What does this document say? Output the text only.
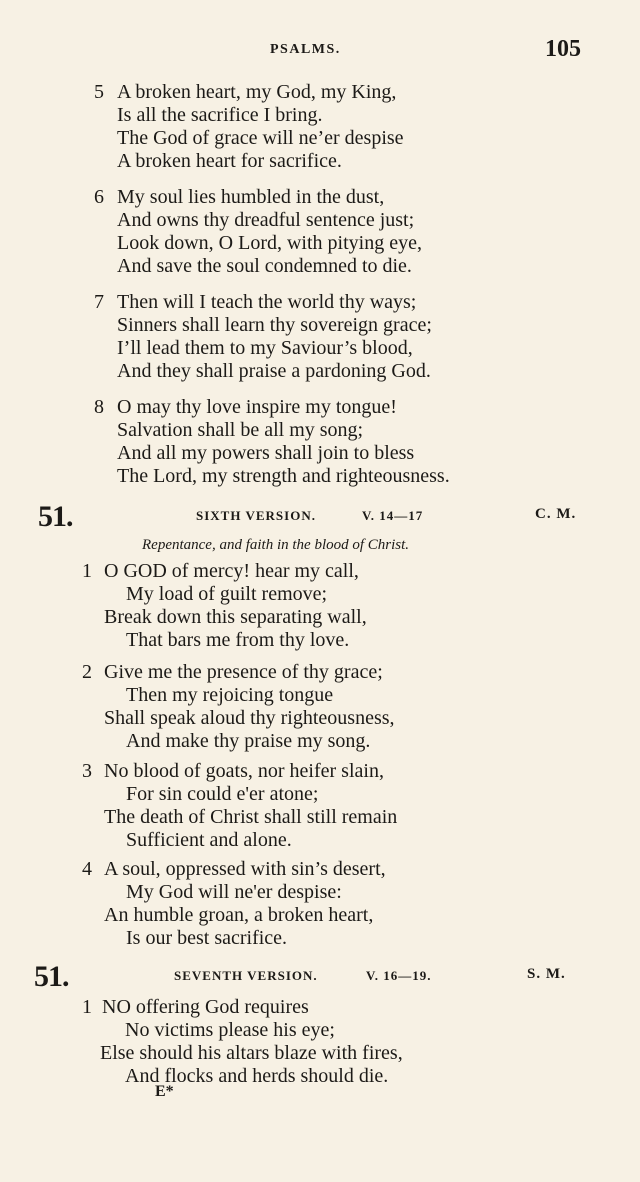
PSALMS.	105
5 A broken heart, my God, my King,
Is all the sacrifice I bring.
The God of grace will ne’er despise
A broken heart for sacrifice.
6 My soul lies humbled in the dust,
And owns thy dreadful sentence just;
Look down, O Lord, with pitying eye,
And save the soul condemned to die.
7 Then will I teach the world thy ways;
Sinners shall learn thy sovereign grace;
I’ll lead them to my Saviour’s blood,
And they shall praise a pardoning God.
8 O may thy love inspire my tongue!
Salvation shall be all my song;
And all my powers shall join to bless
The Lord, my strength and righteousness.
51.	SIXTH VERSION.	V. 14—17	C. M.
Repentance, and faith in the blood of Christ.
1 O GOD of mercy! hear my call,
My load of guilt remove;
Break down this separating wall,
That bars me from thy love.
2 Give me the presence of thy grace;
Then my rejoicing tongue
Shall speak aloud thy righteousness,
And make thy praise my song.
3 No blood of goats, nor heifer slain,
For sin could e'er atone;
The death of Christ shall still remain
Sufficient and alone.
4 A soul, oppressed with sin’s desert,
My God will ne'er despise:
An humble groan, a broken heart,
Is our best sacrifice.
51.	SEVENTH VERSION.	V. 16—19.	S. M.
1 NO offering God requires
No victims please his eye;
Else should his altars blaze with fires,
And flocks and herds should die.
E*
